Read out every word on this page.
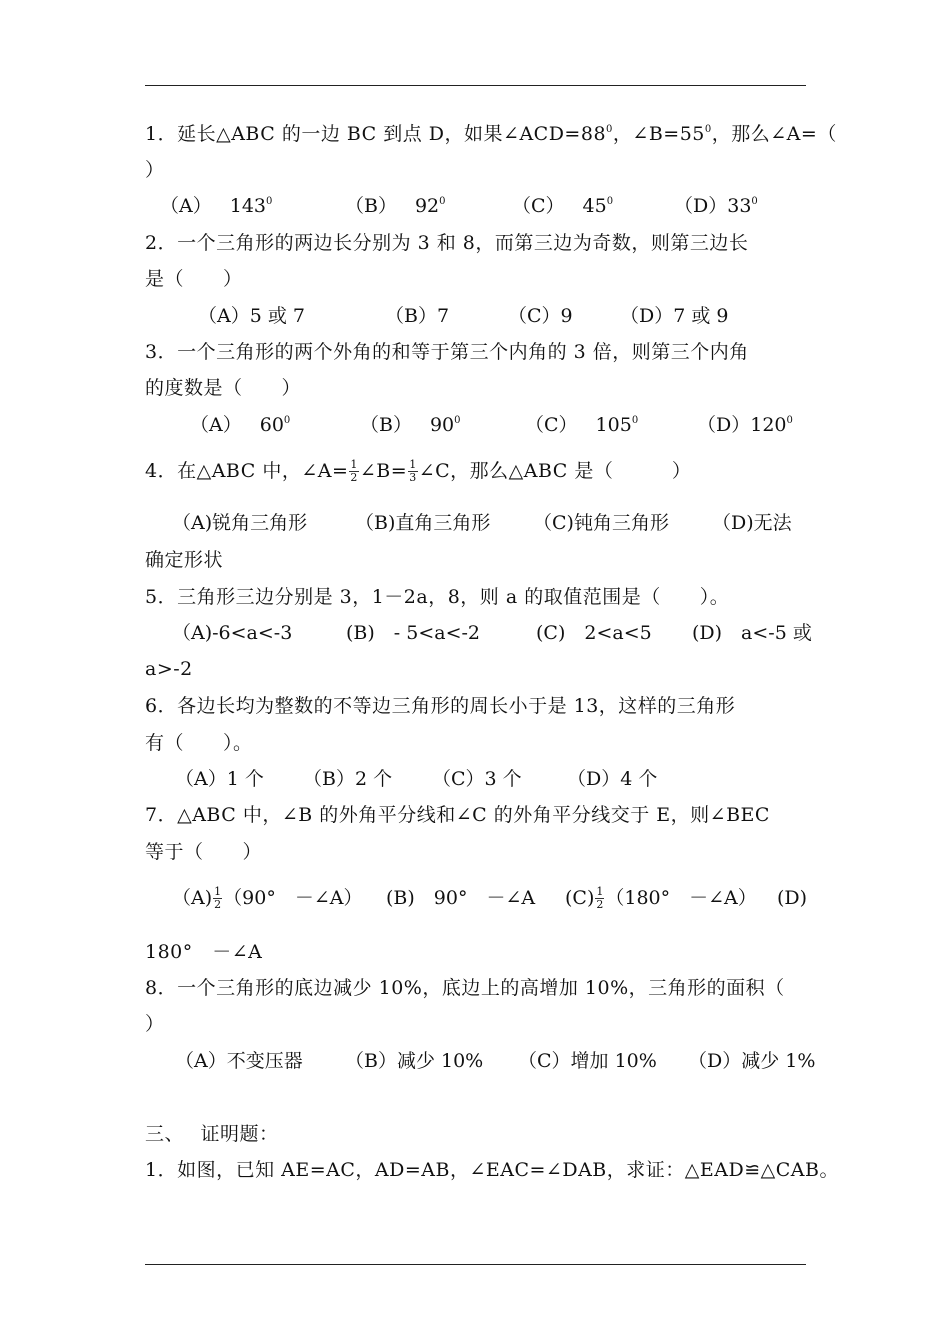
1．延长△ABC 的一边 BC 到点 D，如果$\angle ACD=88^0$，$\angle B=55^0$，那么∠A=（
）
（A） $143^0$	（B） $92^0$	（C） $45^0$	$(D)33^0$
2．一个三角形的两边长分别为 3 和 8，而第三边为奇数，则第三边长
是（　　）
（A）5 或 7	（B）7	（C）9 （D）7 或 9
3．一个三角形的两个外角的和等于第三个内角的 3 倍，则第三个内角
的度数是（　　）
（A） $60^0$	（B） $90^0$	（C） $105^0$	$(D)120^0$
4．在△ABC 中，∠A= $\frac{1}{2}$ ∠B= $\frac{1}{3}$ ∠C，那么△ABC 是（　　　）
（A)锐角三角形	（B)直角三角形 （C)钝角三角形 （D)无法
确定形状
5．三角形三边分别是 3，1－2a，8，则 a 的取值范围是（　　）。
（A)-6<a<-3	(B)　- 5<a<-2	(C)　2<a<5 (D)　a<-5 或
a>-2
6．各边长均为整数的不等边三角形的周长小于是 13，这样的三角形
有（　　）。
（A）1 个 （B）2 个 （C）3 个 （D）4 个
7．△ABC 中，∠B 的外角平分线和∠C 的外角平分线交于 E，则∠BEC
等于（　　）
$(A) \frac{1}{2} (90^\circ$　－∠A） (B)　90°　－∠A $(C) \frac{1}{2} (180^\circ$　－∠A） (D)
180°　－∠A
8．一个三角形的底边减少 10%，底边上的高增加 10%，三角形的面积（
）
（A）不变压器 （B）减少 10% （C）增加 10% （D）减少 1%
三、　 证明题：
1．如图，已知 AE=AC，AD=AB，∠EAC=∠DAB，求证：△EAD≌△CAB。
